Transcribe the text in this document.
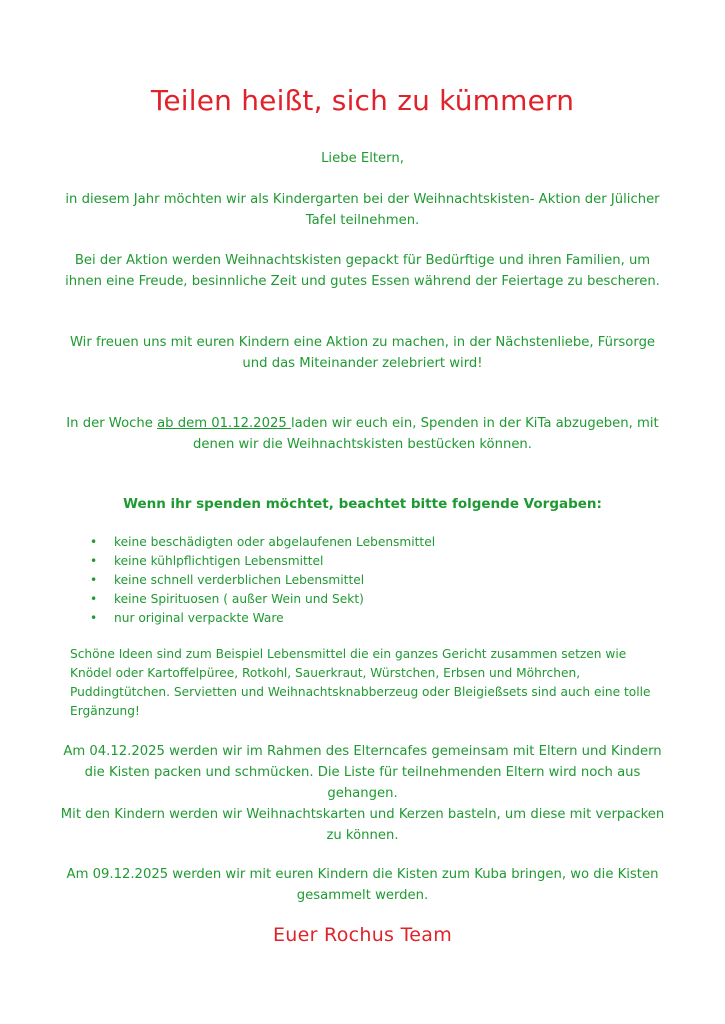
Teilen heißt, sich zu kümmern
Liebe Eltern,
in diesem Jahr möchten wir als Kindergarten bei der Weihnachtskisten- Aktion der Jülicher Tafel teilnehmen.
Bei der Aktion werden Weihnachtskisten gepackt für Bedürftige und ihren Familien, um ihnen eine Freude, besinnliche Zeit und gutes Essen während der Feiertage zu bescheren.
Wir freuen uns mit euren Kindern eine Aktion zu machen, in der Nächstenliebe, Fürsorge und das Miteinander zelebriert wird!
In der Woche ab dem 01.12.2025 laden wir euch ein, Spenden in der KiTa abzugeben, mit denen wir die Weihnachtskisten bestücken können.
Wenn ihr spenden möchtet, beachtet bitte folgende Vorgaben:
• keine beschädigten oder abgelaufenen Lebensmittel
• keine kühlpflichtigen Lebensmittel
• keine schnell verderblichen Lebensmittel
• keine Spirituosen ( außer Wein und Sekt)
• nur original verpackte Ware
Schöne Ideen sind zum Beispiel Lebensmittel die ein ganzes Gericht zusammen setzen wie Knödel oder Kartoffelpüree, Rotkohl, Sauerkraut, Würstchen, Erbsen und Möhrchen, Puddingtütchen. Servietten und Weihnachtsknabberzeug oder Bleigießsets sind auch eine tolle Ergänzung!
Am 04.12.2025 werden wir im Rahmen des Elterncafes gemeinsam mit Eltern und Kindern die Kisten packen und schmücken. Die Liste für teilnehmenden Eltern wird noch aus gehangen.
Mit den Kindern werden wir Weihnachtskarten und Kerzen basteln, um diese mit verpacken zu können.
Am 09.12.2025 werden wir mit euren Kindern die Kisten zum Kuba bringen, wo die Kisten gesammelt werden.
Euer Rochus Team
